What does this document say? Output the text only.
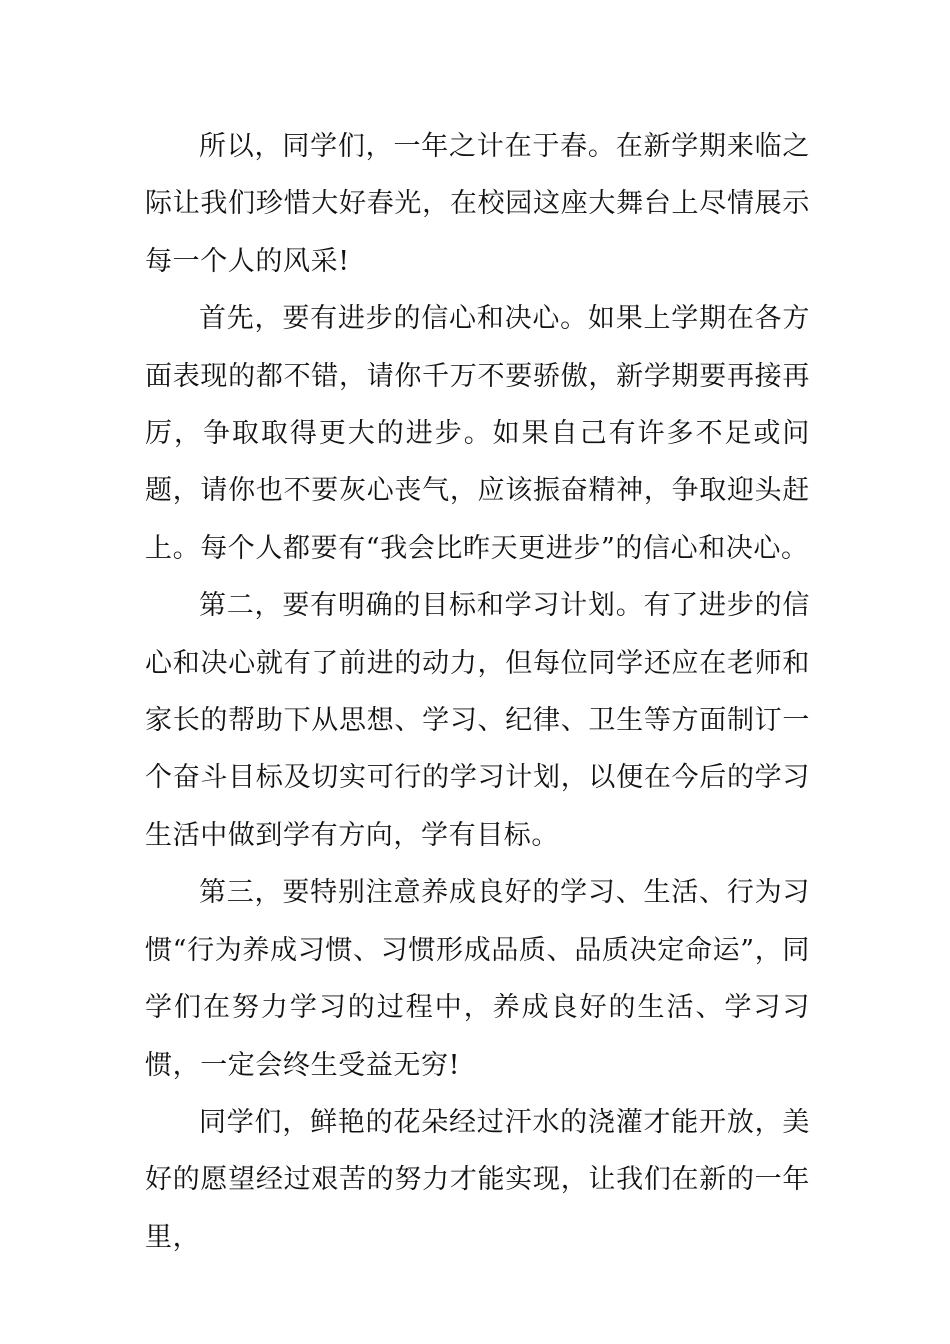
所以，同学们，一年之计在于春。在新学期来临之际让我们珍惜大好春光，在校园这座大舞台上尽情展示每一个人的风采!

首先，要有进步的信心和决心。如果上学期在各方面表现的都不错，请你千万不要骄傲，新学期要再接再厉，争取取得更大的进步。如果自己有许多不足或问题，请你也不要灰心丧气，应该振奋精神，争取迎头赶上。每个人都要有“我会比昨天更进步”的信心和决心。

第二，要有明确的目标和学习计划。有了进步的信心和决心就有了前进的动力，但每位同学还应在老师和家长的帮助下从思想、学习、纪律、卫生等方面制订一个奋斗目标及切实可行的学习计划，以便在今后的学习生活中做到学有方向，学有目标。

第三，要特别注意养成良好的学习、生活、行为习惯“行为养成习惯、习惯形成品质、品质决定命运”，同学们在努力学习的过程中，养成良好的生活、学习习惯，一定会终生受益无穷!

同学们，鲜艳的花朵经过汗水的浇灌才能开放，美好的愿望经过艰苦的努力才能实现，让我们在新的一年里，
